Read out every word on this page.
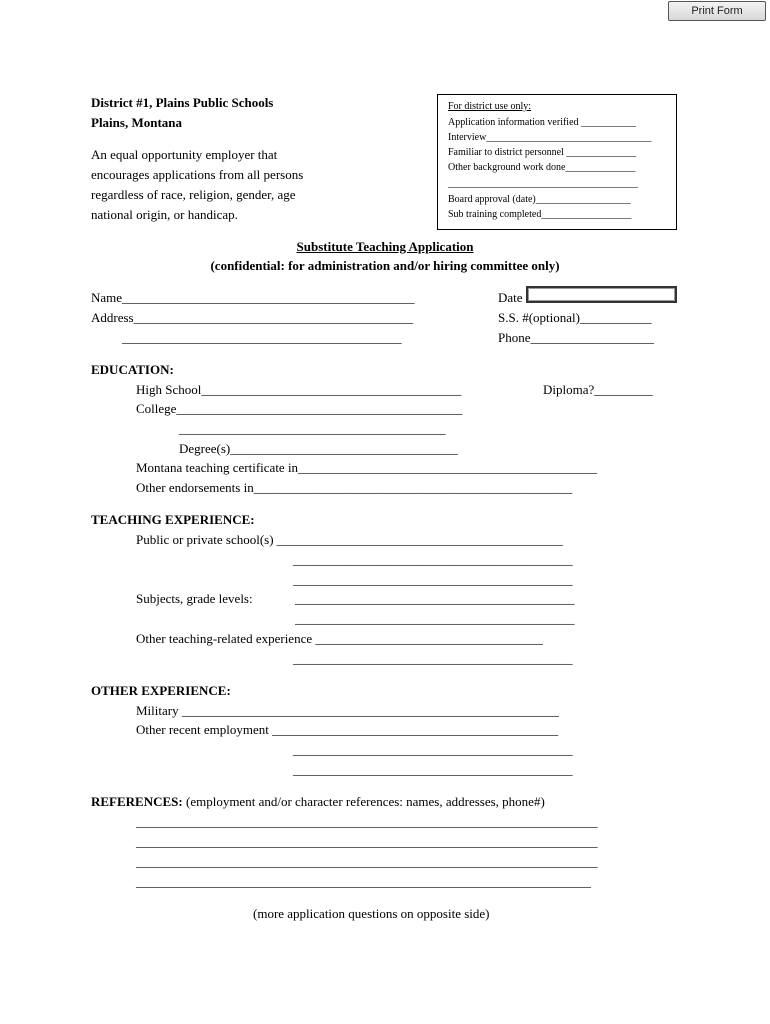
Print Form
District #1, Plains Public Schools
Plains, Montana
An equal opportunity employer that
encourages applications from all persons
regardless of race, religion, gender, age
national origin, or handicap.
For district use only:
Application information verified ___________
Interview_________________________________
Familiar to district personnel ______________
Other background work done______________
______________________________________
Board approval (date)___________________
Sub training completed__________________
Substitute Teaching Application
(confidential: for administration and/or hiring committee only)
Name_____________________________________________
Address___________________________________________
___________________________________________
Date
S.S. #(optional)___________
Phone___________________
EDUCATION:
High School________________________________________	Diploma?_________
College____________________________________________
_________________________________________
Degree(s)___________________________________
Montana teaching certificate in______________________________________________
Other endorsements in_________________________________________________
TEACHING EXPERIENCE:
Public or private school(s) ____________________________________________
___________________________________________
___________________________________________
Subjects, grade levels:	___________________________________________
___________________________________________
Other teaching-related experience ___________________________________
___________________________________________
OTHER EXPERIENCE:
Military __________________________________________________________
Other recent employment ____________________________________________
___________________________________________
___________________________________________
REFERENCES: (employment and/or character references: names, addresses, phone#)
_______________________________________________________________________
_______________________________________________________________________
_______________________________________________________________________
______________________________________________________________________
(more application questions on opposite side)
